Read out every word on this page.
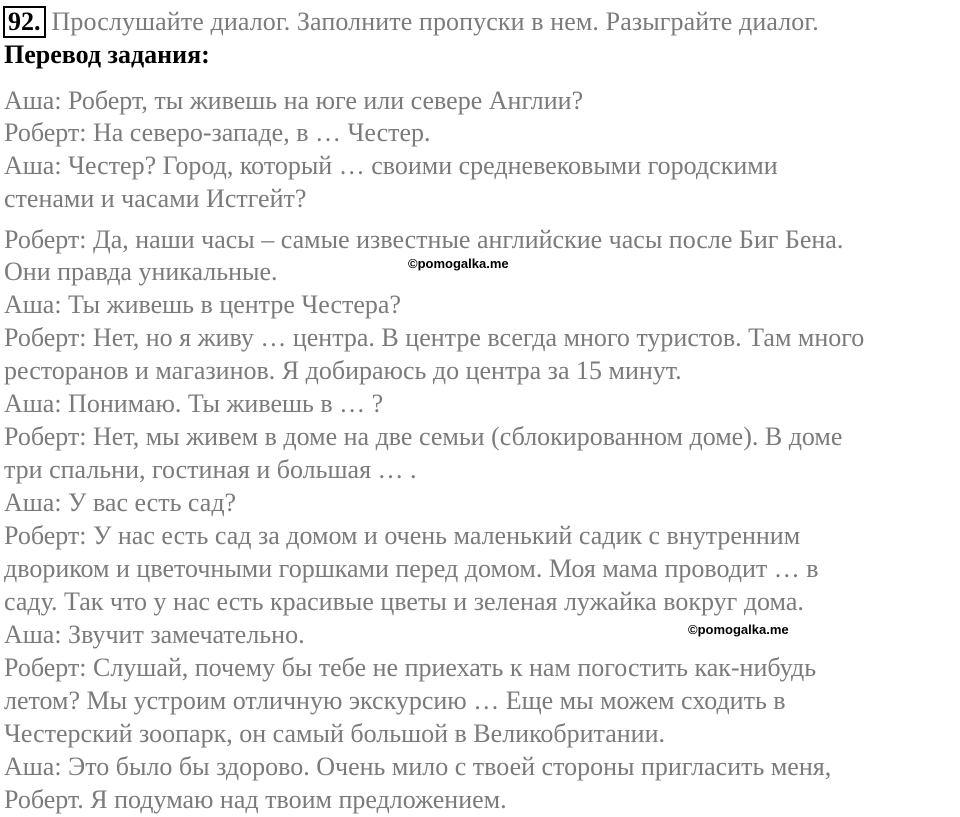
92. Прослушайте диалог. Заполните пропуски в нем. Разыграйте диалог.
Перевод задания:
Аша: Роберт, ты живешь на юге или севере Англии?
Роберт: На северо-западе, в … Честер.
Аша: Честер? Город, который … своими средневековыми городскими
стенами и часами Истгейт?
Роберт: Да, наши часы – самые известные английские часы после Биг Бена.
Они правда уникальные.
Аша: Ты живешь в центре Честера?
Роберт: Нет, но я живу … центра. В центре всегда много туристов. Там много
ресторанов и магазинов. Я добираюсь до центра за 15 минут.
Аша: Понимаю. Ты живешь в … ?
Роберт: Нет, мы живем в доме на две семьи (сблокированном доме). В доме
три спальни, гостиная и большая … .
Аша: У вас есть сад?
Роберт: У нас есть сад за домом и очень маленький садик с внутренним
двориком и цветочными горшками перед домом. Моя мама проводит … в
саду. Так что у нас есть красивые цветы и зеленая лужайка вокруг дома.
Аша: Звучит замечательно.
Роберт: Слушай, почему бы тебе не приехать к нам погостить как-нибудь
летом? Мы устроим отличную экскурсию … Еще мы можем сходить в
Честерский зоопарк, он самый большой в Великобритании.
Аша: Это было бы здорово. Очень мило с твоей стороны пригласить меня,
Роберт. Я подумаю над твоим предложением.
©pomogalka.me
©pomogalka.me
